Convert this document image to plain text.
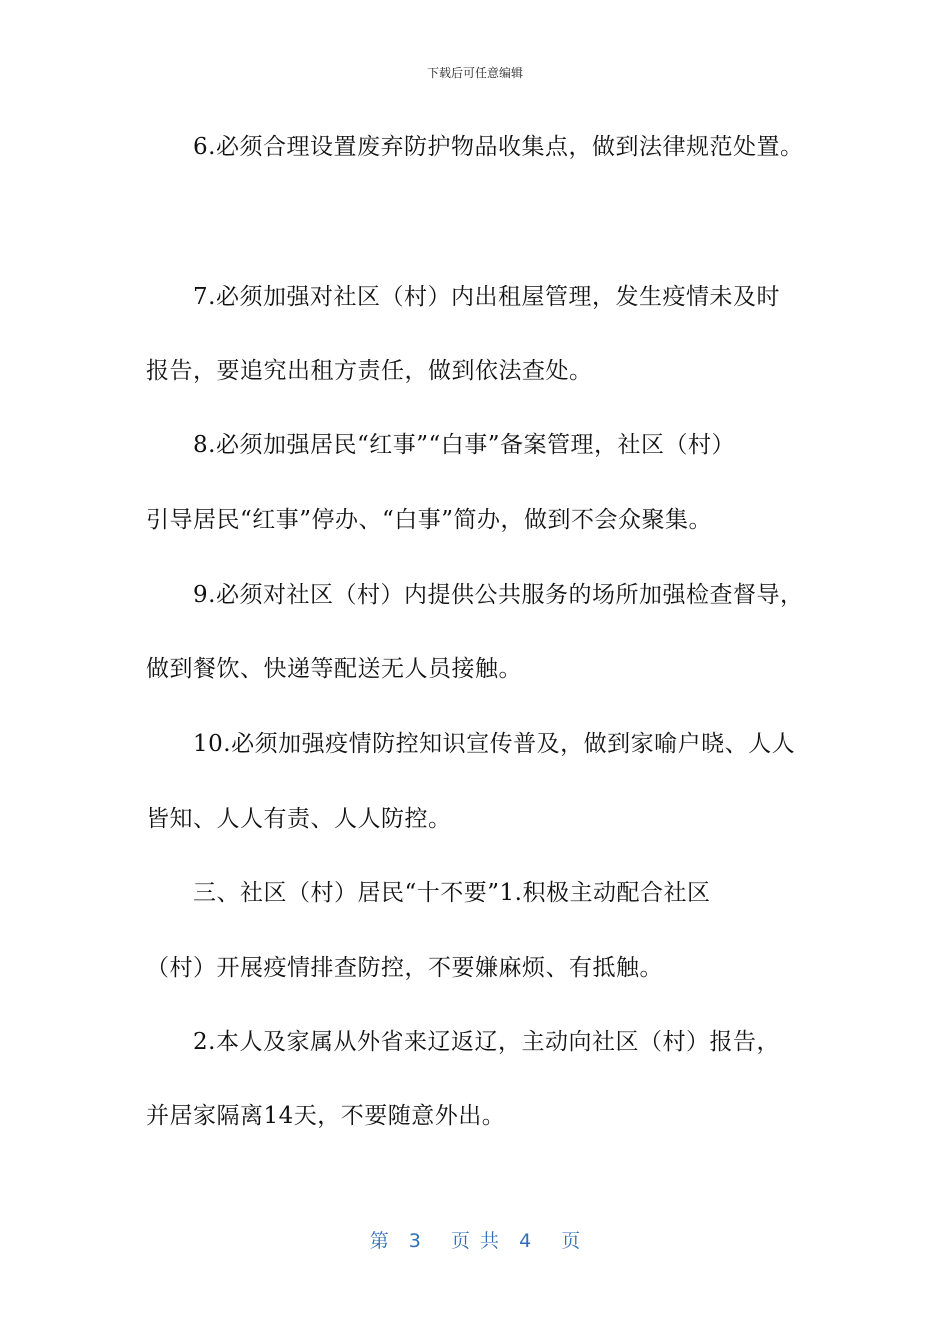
下载后可任意编辑
6.必须合理设置废弃防护物品收集点，做到法律规范处置。
7.必须加强对社区（村）内出租屋管理，发生疫情未及时
报告，要追究出租方责任，做到依法查处。
8.必须加强居民“红事”“白事”备案管理，社区（村）
引导居民“红事”停办、“白事”简办，做到不会众聚集。
9.必须对社区（村）内提供公共服务的场所加强检查督导，
做到餐饮、快递等配送无人员接触。
10.必须加强疫情防控知识宣传普及，做到家喻户晓、人人
皆知、人人有责、人人防控。
三、社区（村）居民“十不要”1.积极主动配合社区
（村）开展疫情排查防控，不要嫌麻烦、有抵触。
2.本人及家属从外省来辽返辽，主动向社区（村）报告，
并居家隔离14天，不要随意外出。
第  3   页 共  4   页
